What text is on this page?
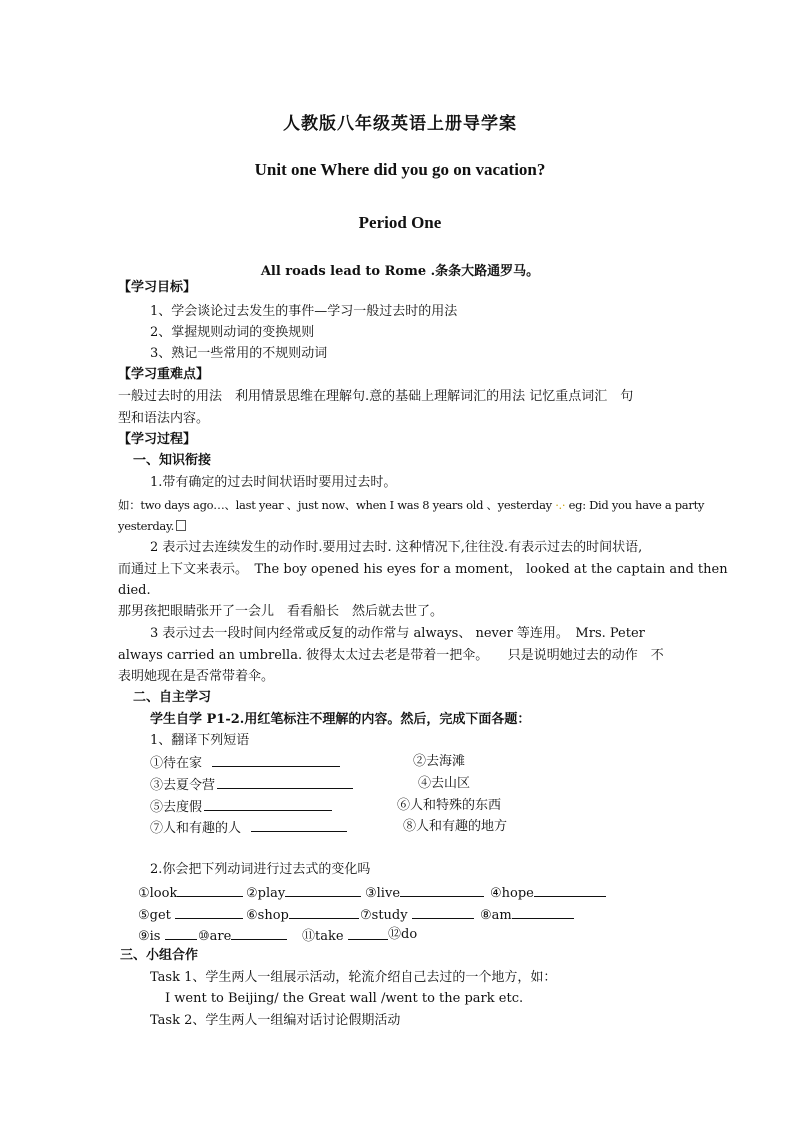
人教版八年级英语上册导学案
Unit one Where did you go on vacation?
Period One
All roads lead to Rome .条条大路通罗马。
【学习目标】
1、学会谈论过去发生的事件—学习一般过去时的用法
2、掌握规则动词的变换规则
3、熟记一些常用的不规则动词
【学习重难点】
一般过去时的用法　利用情景思维在理解句.意的基础上理解词汇的用法 记忆重点词汇　句
型和语法内容。
【学习过程】
一、知识衔接
1.带有确定的过去时间状语时要用过去时。
如：two days ago…、last year 、just now、when I was 8 years old 、yesterday ·.· eg: Did you have a party
yesterday.
2 表示过去连续发生的动作时.要用过去时. 这种情况下,往往没.有表示过去的时间状语,
而通过上下文来表示。　The boy opened his eyes for a moment， looked at the captain and then
died.
那男孩把眼睛张开了一会儿　看看船长　然后就去世了。
3 表示过去一段时间内经常或反复的动作常与 always、 never 等连用。　Mrs. Peter
always carried an umbrella. 彼得太太过去老是带着一把伞。　　只是说明她过去的动作　不
表明她现在是否常带着伞。
二、自主学习
学生自学 P1-2.用红笔标注不理解的内容。然后，完成下面各题：
1、翻译下列短语
①待在家	②去海滩
③去夏令营	④去山区
⑤去度假	⑥人和特殊的东西
⑦人和有趣的人	⑧人和有趣的地方
2.你会把下列动词进行过去式的变化吗
①look	②play	③live	④hope
⑤get	⑥shop	⑦study	⑧am
⑨is	⑩are	⑪take	⑫do
三、小组合作
Task 1、学生两人一组展示活动，轮流介绍自己去过的一个地方，如：
I went to Beijing/ the Great wall /went to the park etc.
Task 2、学生两人一组编对话讨论假期活动
